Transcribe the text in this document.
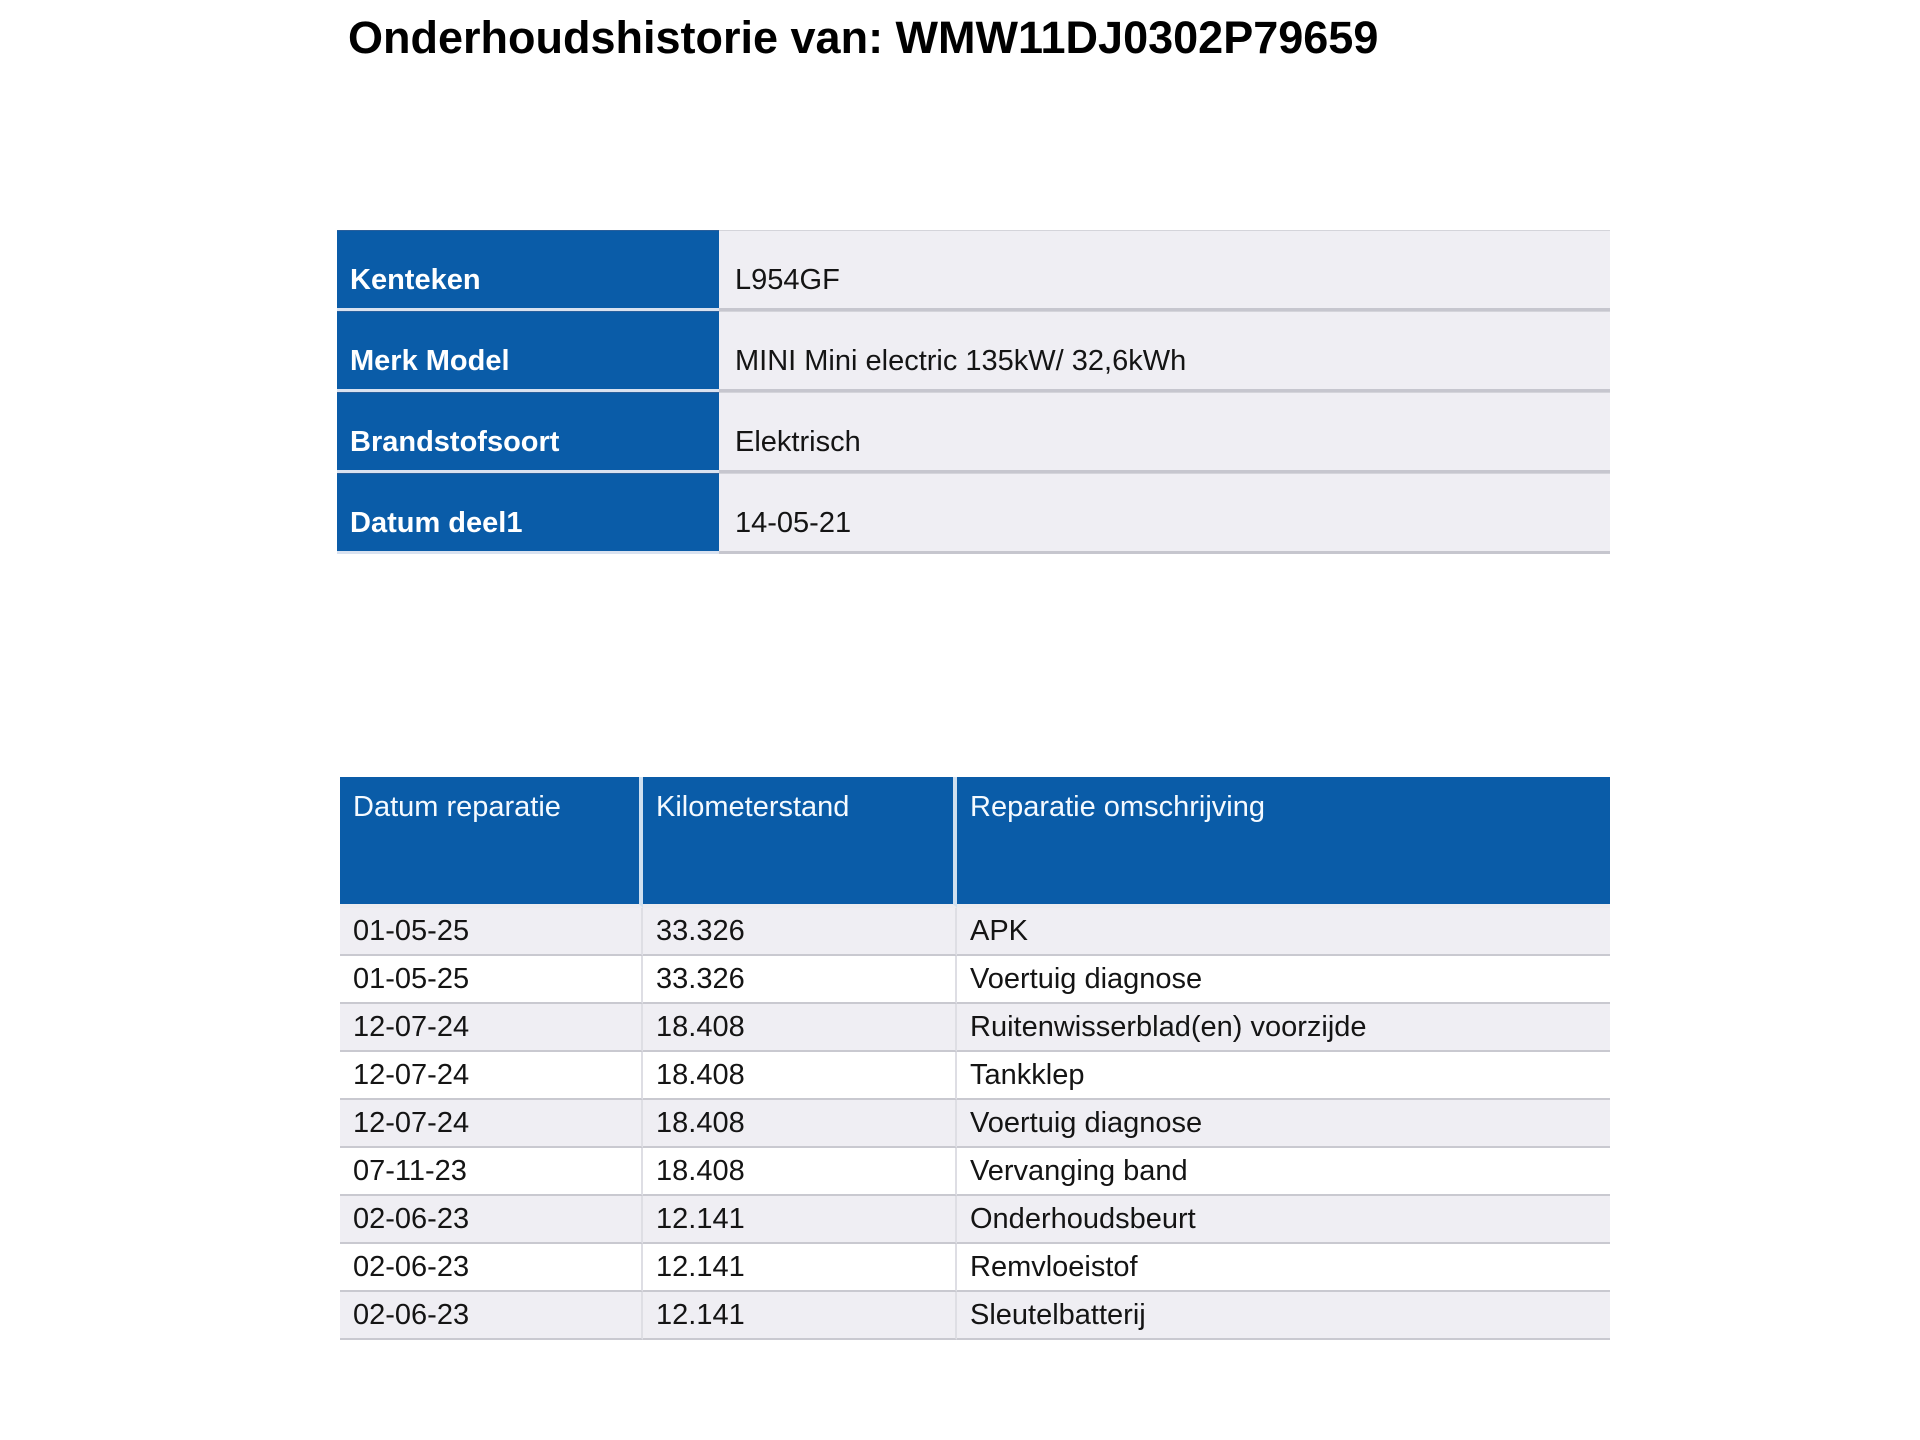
Onderhoudshistorie van: WMW11DJ0302P79659
Kenteken	L954GF
Merk Model	MINI Mini electric 135kW/ 32,6kWh
Brandstofsoort	Elektrisch
Datum deel1	14-05-21
Datum reparatie	Kilometerstand	Reparatie omschrijving
01-05-25	33.326	APK
01-05-25	33.326	Voertuig diagnose
12-07-24	18.408	Ruitenwisserblad(en) voorzijde
12-07-24	18.408	Tankklep
12-07-24	18.408	Voertuig diagnose
07-11-23	18.408	Vervanging band
02-06-23	12.141	Onderhoudsbeurt
02-06-23	12.141	Remvloeistof
02-06-23	12.141	Sleutelbatterij
